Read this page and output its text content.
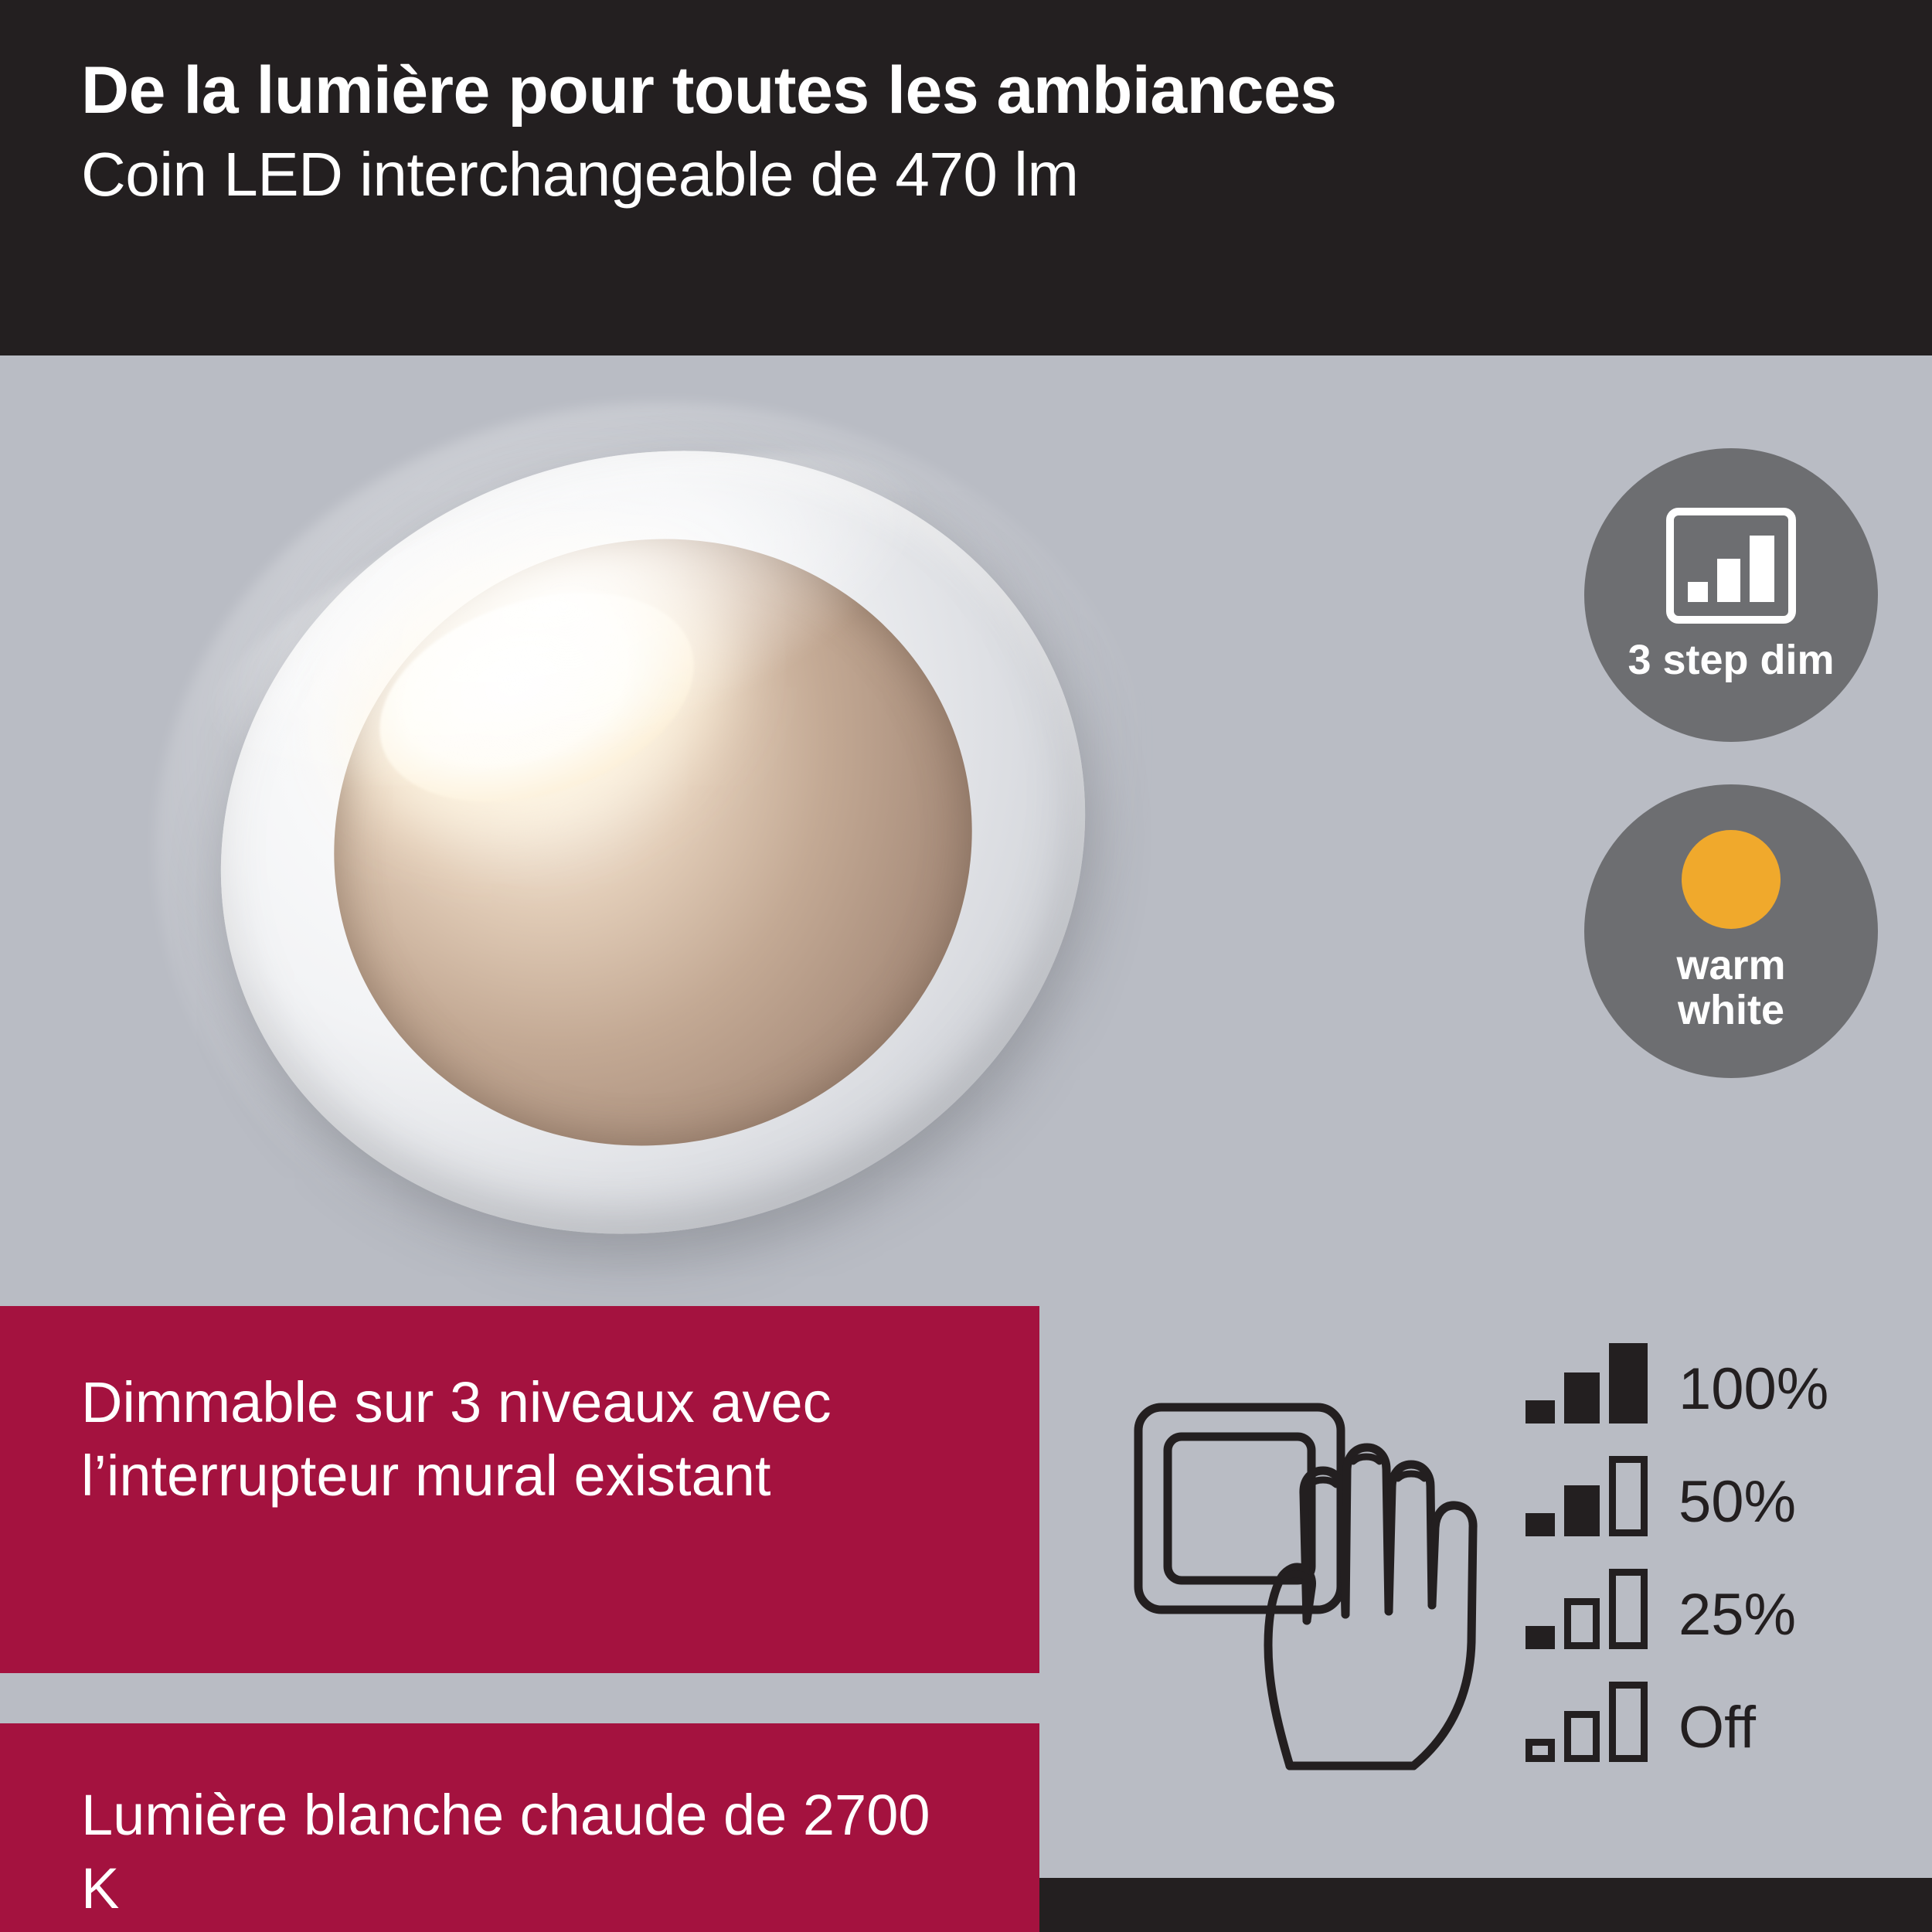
De la lumière pour toutes les ambiances
Coin LED interchangeable de 470 lm
3 step dim
warm
white

Dimmable sur 3 niveaux avec l’interrupteur mural existant

Lumière blanche chaude de 2700 K

100%
50%
25%
Off
